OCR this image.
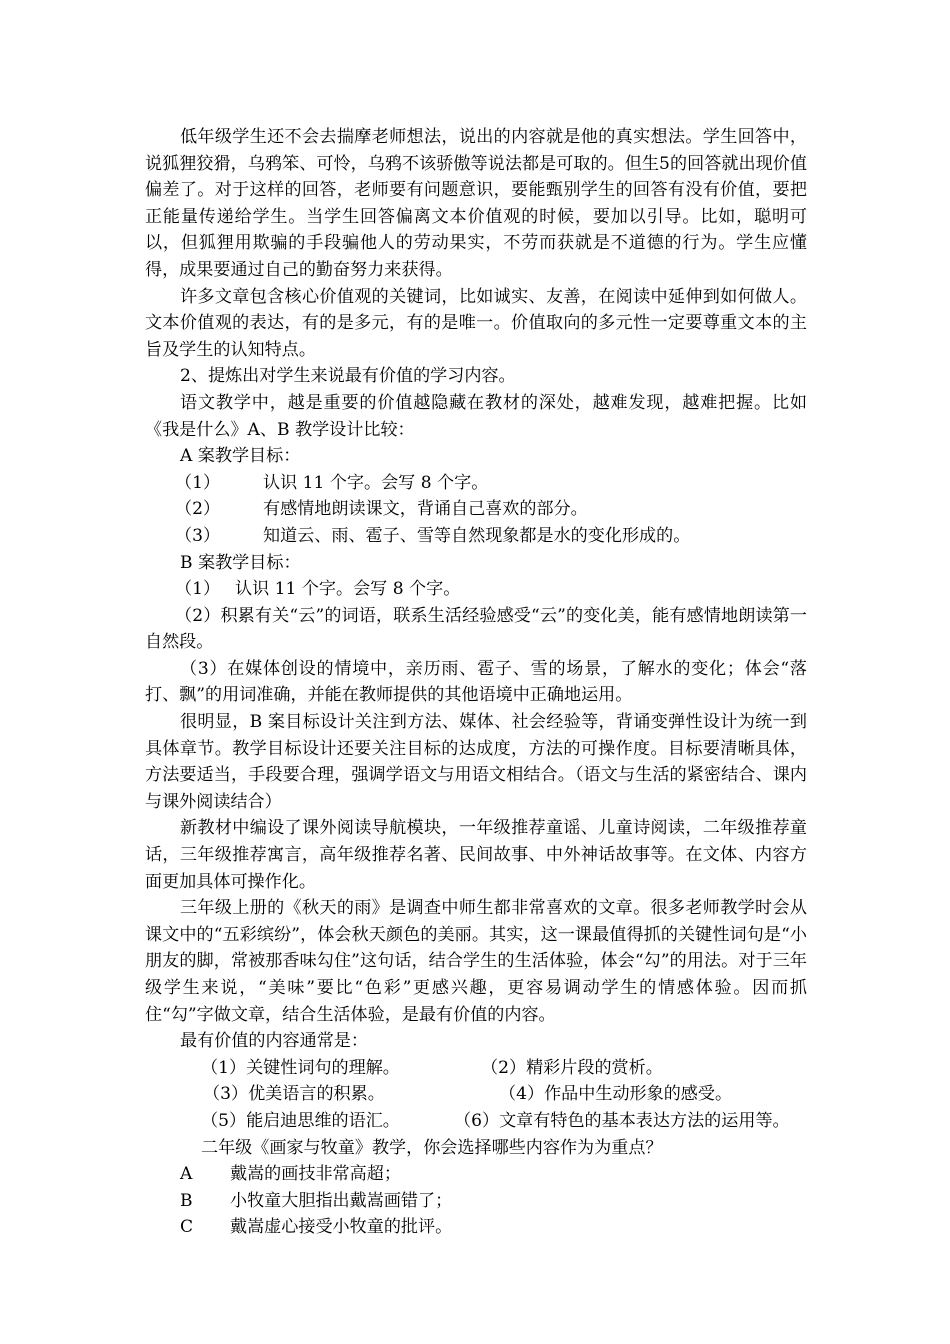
低年级学生还不会去揣摩老师想法，说出的内容就是他的真实想法。学生回答中，说狐狸狡猾，乌鸦笨、可怜，乌鸦不该骄傲等说法都是可取的。但生5的回答就出现价值偏差了。对于这样的回答，老师要有问题意识，要能甄别学生的回答有没有价值，要把正能量传递给学生。当学生回答偏离文本价值观的时候，要加以引导。比如，聪明可以，但狐狸用欺骗的手段骗他人的劳动果实，不劳而获就是不道德的行为。学生应懂得，成果要通过自己的勤奋努力来获得。

许多文章包含核心价值观的关键词，比如诚实、友善，在阅读中延伸到如何做人。文本价值观的表达，有的是多元，有的是唯一。价值取向的多元性一定要尊重文本的主旨及学生的认知特点。

2、提炼出对学生来说最有价值的学习内容。

语文教学中，越是重要的价值越隐藏在教材的深处，越难发现，越难把握。比如《我是什么》A、B 教学设计比较：

A 案教学目标：

（1）	认识 11 个字。会写 8 个字。

（2）	有感情地朗读课文，背诵自己喜欢的部分。

（3）	知道云、雨、雹子、雪等自然现象都是水的变化形成的。

B 案教学目标：

（1） 认识 11 个字。会写 8 个字。

（2）积累有关“云”的词语，联系生活经验感受“云”的变化美，能有感情地朗读第一自然段。

（3）在媒体创设的情境中，亲历雨、雹子、雪的场景，了解水的变化；体会“落打、飘”的用词准确，并能在教师提供的其他语境中正确地运用。

很明显，B 案目标设计关注到方法、媒体、社会经验等，背诵变弹性设计为统一到具体章节。教学目标设计还要关注目标的达成度，方法的可操作度。目标要清晰具体，方法要适当，手段要合理，强调学语文与用语文相结合。（语文与生活的紧密结合、课内与课外阅读结合）

新教材中编设了课外阅读导航模块，一年级推荐童谣、儿童诗阅读，二年级推荐童话，三年级推荐寓言，高年级推荐名著、民间故事、中外神话故事等。在文体、内容方面更加具体可操作化。

三年级上册的《秋天的雨》是调查中师生都非常喜欢的文章。很多老师教学时会从课文中的“五彩缤纷”，体会秋天颜色的美丽。其实，这一课最值得抓的关键性词句是“小朋友的脚，常被那香味勾住”这句话，结合学生的生活体验，体会“勾”的用法。对于三年级学生来说，“美味”要比“色彩”更感兴趣，更容易调动学生的情感体验。因而抓住“勾”字做文章，结合生活体验，是最有价值的内容。

最有价值的内容通常是：

（1）关键性词句的理解。	（2）精彩片段的赏析。

（3）优美语言的积累。	（4）作品中生动形象的感受。

（5）能启迪思维的语汇。	（6）文章有特色的基本表达方法的运用等。

二年级《画家与牧童》教学，你会选择哪些内容作为为重点？

A 戴嵩的画技非常高超；

B 小牧童大胆指出戴嵩画错了；

C 戴嵩虚心接受小牧童的批评。
